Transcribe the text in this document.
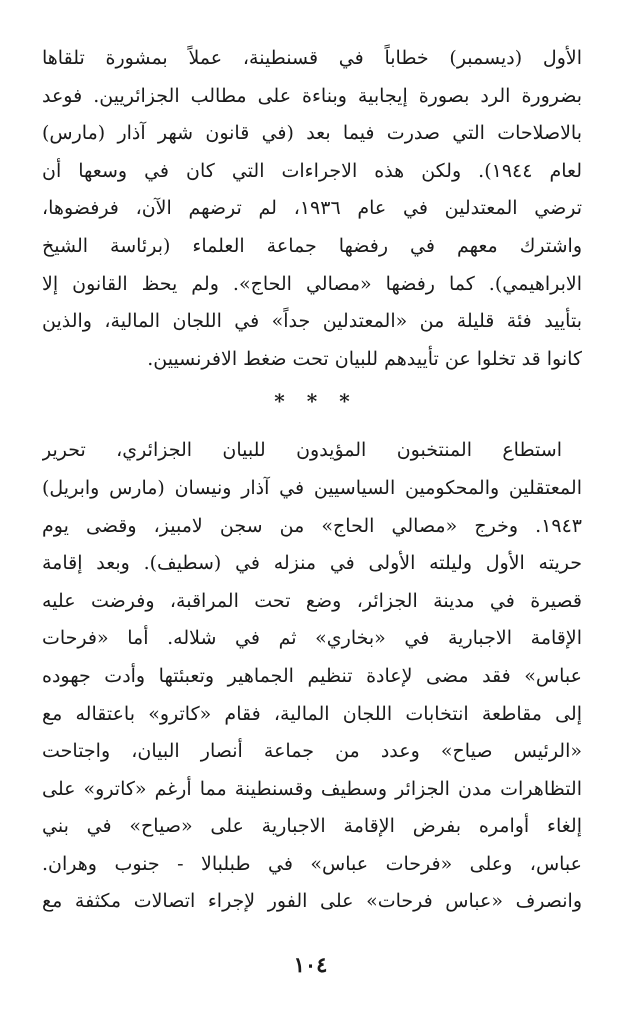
الأول (ديسمبر) خطاباً في قسنطينة، عملاً بمشورة تلقاها
بضرورة الرد بصورة إيجابية وبناءة على مطالب الجزائريين. فوعد
بالاصلاحات التي صدرت فيما بعد (في قانون شهر آذار (مارس)
لعام ١٩٤٤). ولكن هذه الاجراءات التي كان في وسعها أن
ترضي المعتدلين في عام ١٩٣٦، لم ترضهم الآن، فرفضوها،
واشترك معهم في رفضها جماعة العلماء (برئاسة الشيخ
الابراهيمي). كما رفضها «مصالي الحاج». ولم يحظ القانون إلا
بتأييد فئة قليلة من «المعتدلين جداً» في اللجان المالية، والذين
كانوا قد تخلوا عن تأييدهم للبيان تحت ضغط الافرنسيين.
***
استطاع المنتخبون المؤيدون للبيان الجزائري، تحرير
المعتقلين والمحكومين السياسيين في آذار ونيسان (مارس وابريل)
١٩٤٣. وخرج «مصالي الحاج» من سجن لامبيز، وقضى يوم
حريته الأول وليلته الأولى في منزله في (سطيف). وبعد إقامة
قصيرة في مدينة الجزائر، وضع تحت المراقبة، وفرضت عليه
الإقامة الاجبارية في «بخاري» ثم في شلاله. أما «فرحات
عباس» فقد مضى لإعادة تنظيم الجماهير وتعبئتها وأدت جهوده
إلى مقاطعة انتخابات اللجان المالية، فقام «كاترو» باعتقاله مع
«الرئيس صياح» وعدد من جماعة أنصار البيان، واجتاحت
التظاهرات مدن الجزائر وسطيف وقسنطينة مما أرغم «كاترو» على
إلغاء أوامره بفرض الإقامة الاجبارية على «صياح» في بني
عباس، وعلى «فرحات عباس» في طبلبالا - جنوب وهران.
وانصرف «عباس فرحات» على الفور لإجراء اتصالات مكثفة مع
١٠٤
